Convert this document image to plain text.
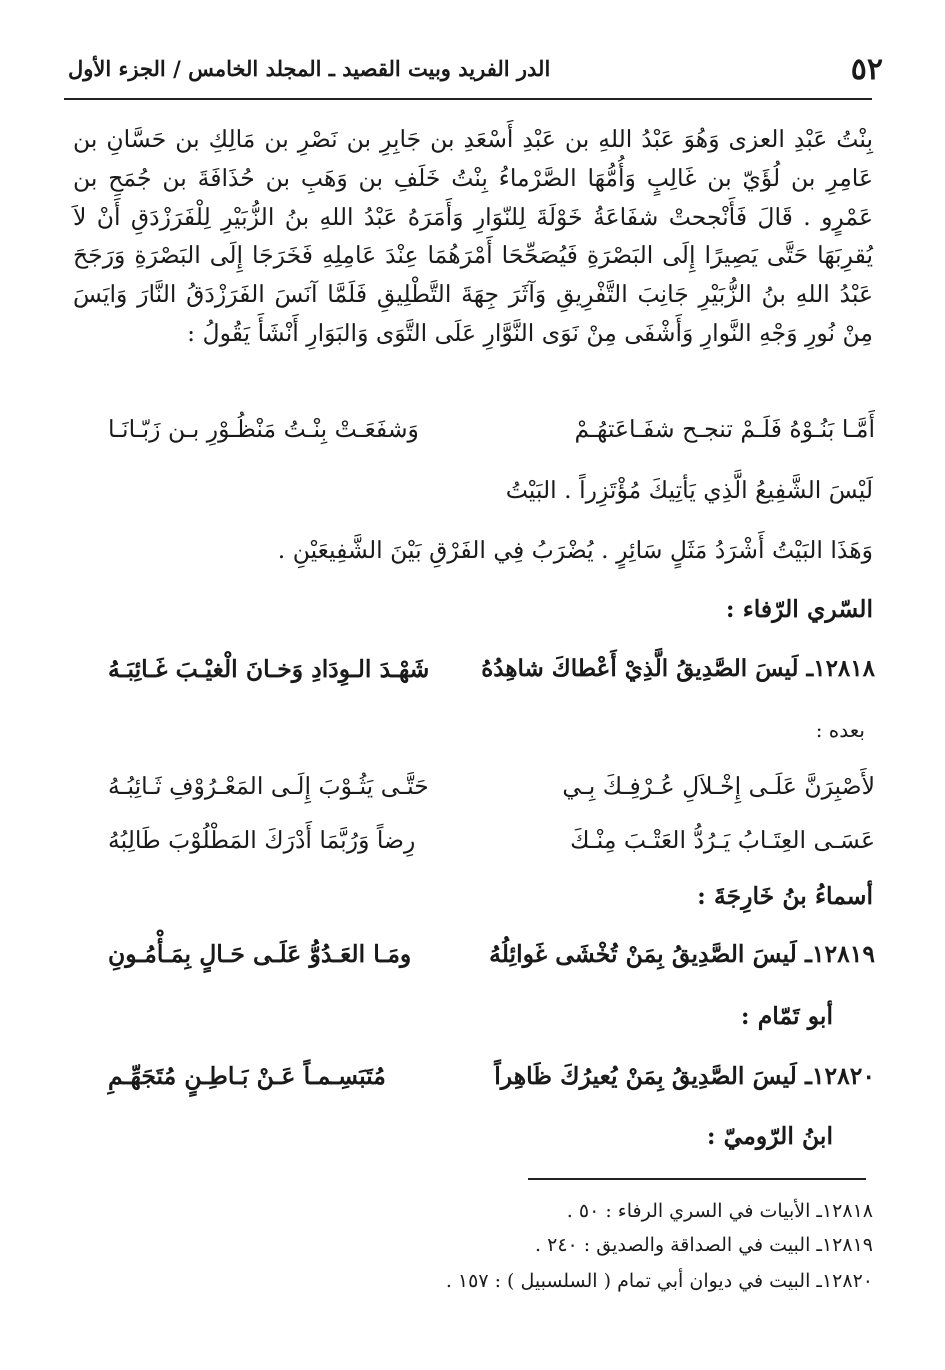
٥٢
الدر الفريد وبيت القصيد ـ المجلد الخامس / الجزء الأول
بِنْتُ عَبْدِ العزى وَهُوَ عَبْدُ اللهِ بن عَبْدِ أَسْعَدِ بن جَابِرِ بن نَصْرِ بن مَالِكِ بن حَسَّانِ بن عَامِرِ بن لُؤَيّ بن غَالِبٍ وَأُمُّهَا الصَّرْماءُ بِنْتُ خَلَفِ بن وَهَبِ بن حُذَافَةَ بن جُمَحِ بن عَمْرٍو . قَالَ فَأَنْجحتْ شفَاعَةُ خَوْلَةَ لِلنّوَارِ وَأَمَرَهُ عَبْدُ اللهِ بنُ الزُّبَيْرِ لِلْفَرَزْدَقِ أَنْ لاَ يُقرِبَهَا حَتَّى يَصِيرًا إِلَى البَصْرَةِ فَيُصَحِّحَا أَمْرَهُمَا عِنْدَ عَامِلِهِ فَخَرَجَا إِلَى البَصْرَةِ وَرَجَحَ عَبْدُ اللهِ بنُ الزُّبَيْرِ جَانِبَ التَّفْرِيقِ وَآثَرَ جِهَةَ التَّطْلِيقِ فَلَمَّا آنَسَ الفَرَزْدَقُ النَّارَ وَايَسَ مِنْ نُورِ وَجْهِ النَّوارِ وَأَشْفَى مِنْ نَوَى النَّوَّارِ عَلَى التَّوَى وَالبَوَارِ أَنْشَأَ يَقُولُ :
أَمَّـا بَنُـوْهُ فَلَـمْ تنجـح شفَـاعَتهُـمْ
وَشفَعَـتْ بِنْـتُ مَنْظُـوْرِ بـن زَبّـانَـا
لَيْسَ الشَّفِيعُ الَّذِي يَأتِيكَ مُؤْتَزِراً . البَيْتُ
وَهَذَا البَيْتُ أَشْرَدُ مَثَلٍ سَائِرٍ . يُضْرَبُ فِي الفَرْقِ بَيْنَ الشَّفِيعَيْنِ .
السّري الرّفاء :
١٢٨١٨ـ لَيسَ الصَّدِيقُ الَّذِيْ أَعْطاكَ شاهِدُهُ
شَهْـدَ الـوِدَادِ وَخـانَ الْغيْـبَ غَـائِبَـهُ
بعده :
لأَصْبِرَنَّ عَلَـى إِخْـلاَلِ عُـرْفِـكَ بِـي
حَتَّـى يَثُـوْبَ إِلَـى المَعْـرُوْفِ ثَـائِبُـهُ
عَسَـى العِتَـابُ يَـرُدُّ العَتْـبَ مِنْـكَ
رِضاً وَرُبَّمَا أَدْرَكَ المَطْلُوْبَ طَالِبُهُ
أسماءُ بنُ خَارِجَةَ :
١٢٨١٩ـ لَيسَ الصَّدِيقُ بِمَنْ تُخْشَى غَوائِلُهُ
ومَـا العَـدُوُّ عَلَـى حَـالٍ بِمَـأْمُـونِ
أبو تَمّام :
١٢٨٢٠ـ لَيسَ الصَّدِيقُ بِمَنْ يُعيرُكَ ظَاهِراً
مُتَبَسِـمـاً عَـنْ بَـاطِـنٍ مُتَجَهِّـمِ
ابنُ الرّوميّ :
١٢٨١٨ـ الأبيات في السري الرفاء : ٥٠ .
١٢٨١٩ـ البيت في الصداقة والصديق : ٢٤٠ .
١٢٨٢٠ـ البيت في ديوان أبي تمام ( السلسبيل ) : ١٥٧ .
